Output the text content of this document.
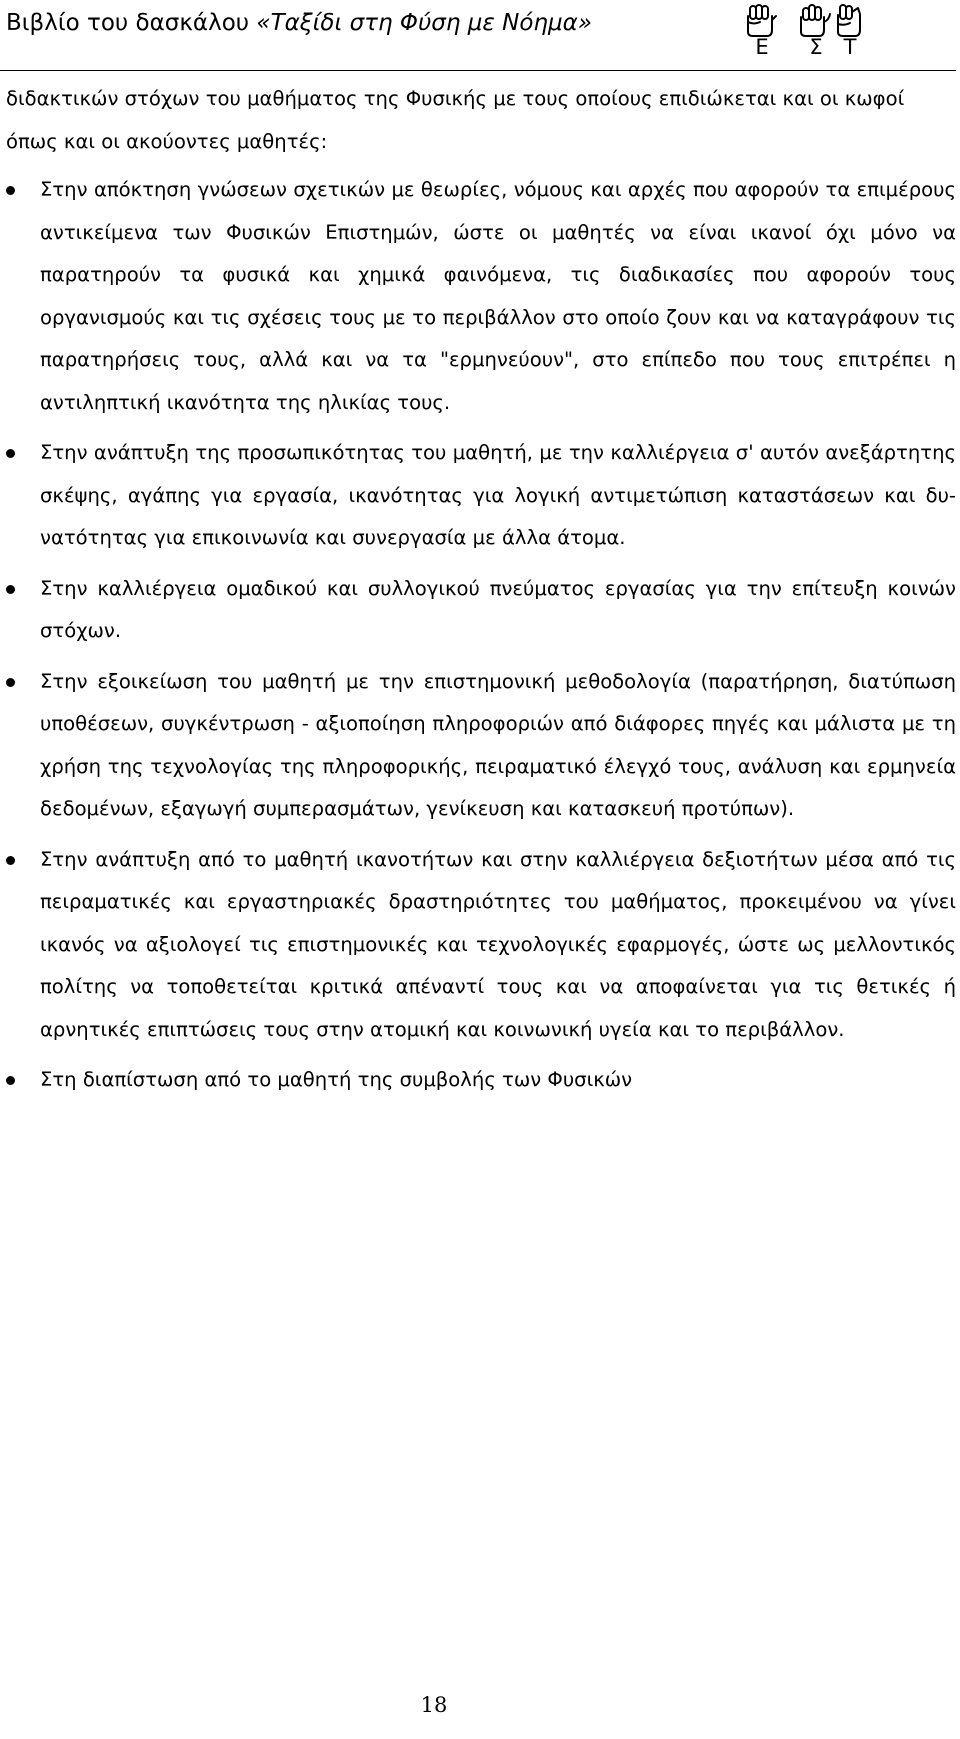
Βιβλίο του δασκάλου «Ταξίδι στη Φύση με Νόημα»
Ε	Σ Τ

διδακτικών στόχων του μαθήματος της Φυσικής με τους οποίους επιδιώκεται και οι κωφοί όπως και οι ακούοντες μαθητές:

Στην απόκτηση γνώσεων σχετικών με θεωρίες, νόμους και αρχές που αφορούν τα επιμέρους αντικείμενα των Φυσικών Επιστημών, ώστε οι μαθητές να είναι ικανοί όχι μόνο να παρατηρούν τα φυσικά και χημικά φαινόμενα, τις διαδικασίες που αφορούν τους οργανισμούς και τις σχέσεις τους με το περιβάλλον στο οποίο ζουν και να καταγράφουν τις παρατηρήσεις τους, αλλά και να τα "ερμηνεύουν", στο επίπεδο που τους επιτρέπει η αντιληπτική ικανότητα της ηλικίας τους.
Στην ανάπτυξη της προσωπικότητας του μαθητή, με την καλλιέργεια σ' αυτόν ανεξάρτητης σκέψης, αγάπης για εργασία, ικανότητας για λογική αντιμετώπιση καταστάσεων και δυ-νατότητας για επικοινωνία και συνεργασία με άλλα άτομα.
Στην καλλιέργεια ομαδικού και συλλογικού πνεύματος εργασίας για την επίτευξη κοινών στόχων.
Στην εξοικείωση του μαθητή με την επιστημονική μεθοδολογία (παρατήρηση, διατύπωση υποθέσεων, συγκέντρωση - αξιοποίηση πληροφοριών από διάφορες πηγές και μάλιστα με τη χρήση της τεχνολογίας της πληροφορικής, πειραματικό έλεγχό τους, ανάλυση και ερμηνεία δεδομένων, εξαγωγή συμπερασμάτων, γενίκευση και κατασκευή προτύπων).
Στην ανάπτυξη από το μαθητή ικανοτήτων και στην καλλιέργεια δεξιοτήτων μέσα από τις πειραματικές και εργαστηριακές δραστηριότητες του μαθήματος, προκειμένου να γίνει ικανός να αξιολογεί τις επιστημονικές και τεχνολογικές εφαρμογές, ώστε ως μελλοντικός πολίτης να τοποθετείται κριτικά απέναντί τους και να αποφαίνεται για τις θετικές ή αρνητικές επιπτώσεις τους στην ατομική και κοινωνική υγεία και το περιβάλλον.
Στη διαπίστωση από το μαθητή της συμβολής των Φυσικών
18
